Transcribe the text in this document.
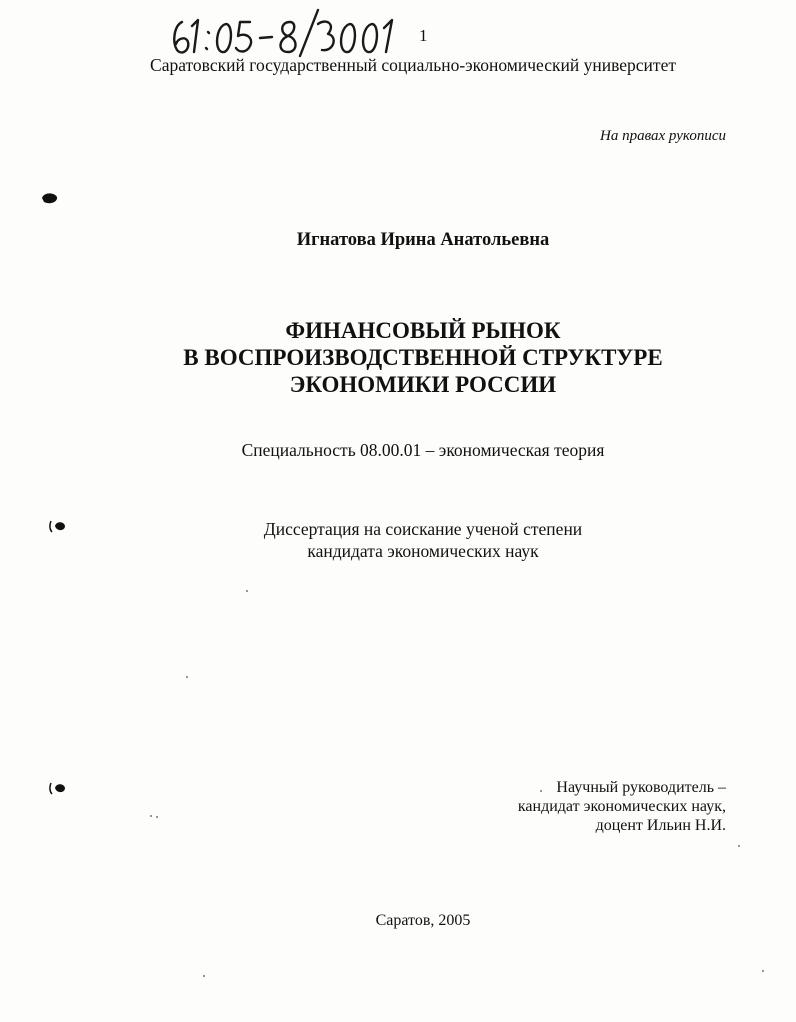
1
Саратовский государственный социально-экономический университет
На правах рукописи
Игнатова Ирина Анатольевна
ФИНАНСОВЫЙ РЫНОК
В ВОСПРОИЗВОДСТВЕННОЙ СТРУКТУРЕ
ЭКОНОМИКИ РОССИИ
Специальность 08.00.01 – экономическая теория
Диссертация на соискание ученой степени
кандидата экономических наук
Научный руководитель –
кандидат экономических наук,
доцент Ильин Н.И.
Саратов, 2005
